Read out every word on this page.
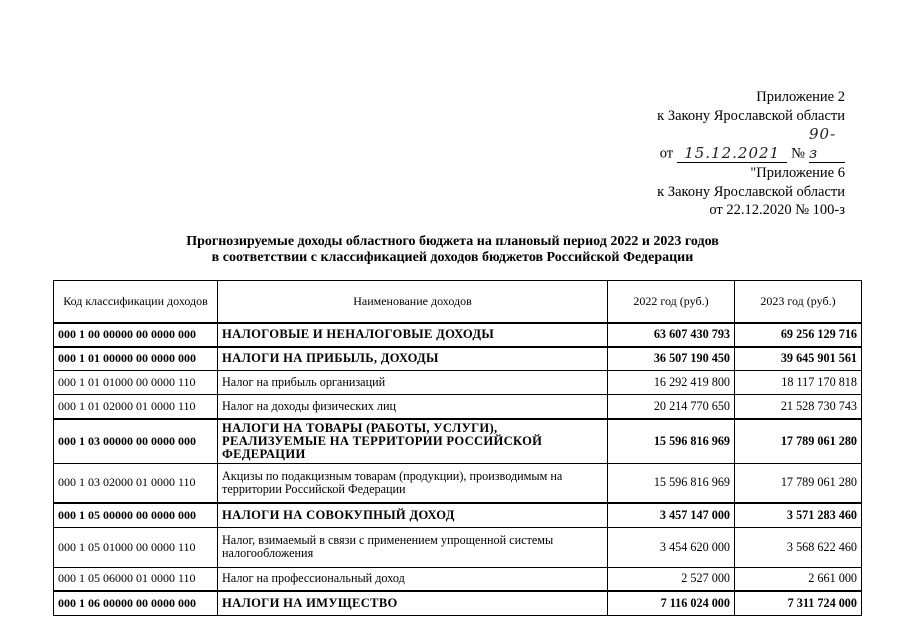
Приложение 2
к Закону Ярославской области
от 15.12.2021 №90-з
"Приложение 6
к Закону Ярославской области
от 22.12.2020 № 100-з
Прогнозируемые доходы областного бюджета на плановый период 2022 и 2023 годов
в соответствии с классификацией доходов бюджетов Российской Федерации
Код классификации доходов	Наименование доходов	2022 год (руб.)	2023 год (руб.)
000 1 00 00000 00 0000 000	НАЛОГОВЫЕ И НЕНАЛОГОВЫЕ ДОХОДЫ	63 607 430 793	69 256 129 716
000 1 01 00000 00 0000 000	НАЛОГИ НА ПРИБЫЛЬ, ДОХОДЫ	36 507 190 450	39 645 901 561
000 1 01 01000 00 0000 110	Налог на прибыль организаций	16 292 419 800	18 117 170 818
000 1 01 02000 01 0000 110	Налог на доходы физических лиц	20 214 770 650	21 528 730 743
000 1 03 00000 00 0000 000	НАЛОГИ НА ТОВАРЫ (РАБОТЫ, УСЛУГИ), РЕАЛИЗУЕМЫЕ НА ТЕРРИТОРИИ РОССИЙСКОЙ ФЕДЕРАЦИИ	15 596 816 969	17 789 061 280
000 1 03 02000 01 0000 110	Акцизы по подакцизным товарам (продукции), производимым на территории Российской Федерации	15 596 816 969	17 789 061 280
000 1 05 00000 00 0000 000	НАЛОГИ НА СОВОКУПНЫЙ ДОХОД	3 457 147 000	3 571 283 460
000 1 05 01000 00 0000 110	Налог, взимаемый в связи с применением упрощенной системы налогообложения	3 454 620 000	3 568 622 460
000 1 05 06000 01 0000 110	Налог на профессиональный доход	2 527 000	2 661 000
000 1 06 00000 00 0000 000	НАЛОГИ НА ИМУЩЕСТВО	7 116 024 000	7 311 724 000
